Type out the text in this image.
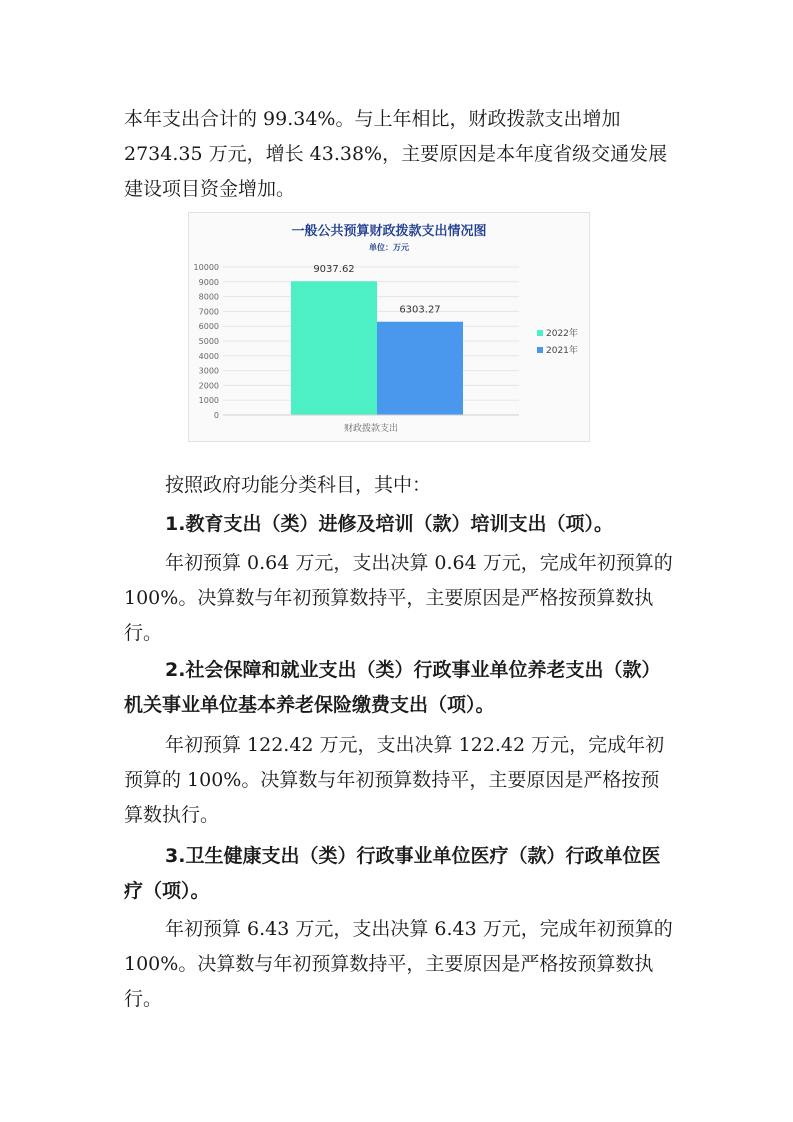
本年支出合计的 99.34%。与上年相比，财政拨款支出增加 2734.35 万元，增长 43.38%，主要原因是本年度省级交通发展建设项目资金增加。

一般公共预算财政拨款支出情况图
单位：万元
10000
9000
8000
7000
6000
5000
4000
3000
2000
1000
0
9037.62
6303.27
财政拨款支出
2022年
2021年

按照政府功能分类科目，其中：

1.教育支出（类）进修及培训（款）培训支出（项）。

年初预算 0.64 万元，支出决算 0.64 万元，完成年初预算的 100%。决算数与年初预算数持平，主要原因是严格按预算数执行。

2.社会保障和就业支出（类）行政事业单位养老支出（款）机关事业单位基本养老保险缴费支出（项）。

年初预算 122.42 万元，支出决算 122.42 万元，完成年初预算的 100%。决算数与年初预算数持平，主要原因是严格按预算数执行。

3.卫生健康支出（类）行政事业单位医疗（款）行政单位医疗（项）。

年初预算 6.43 万元，支出决算 6.43 万元，完成年初预算的 100%。决算数与年初预算数持平，主要原因是严格按预算数执行。
